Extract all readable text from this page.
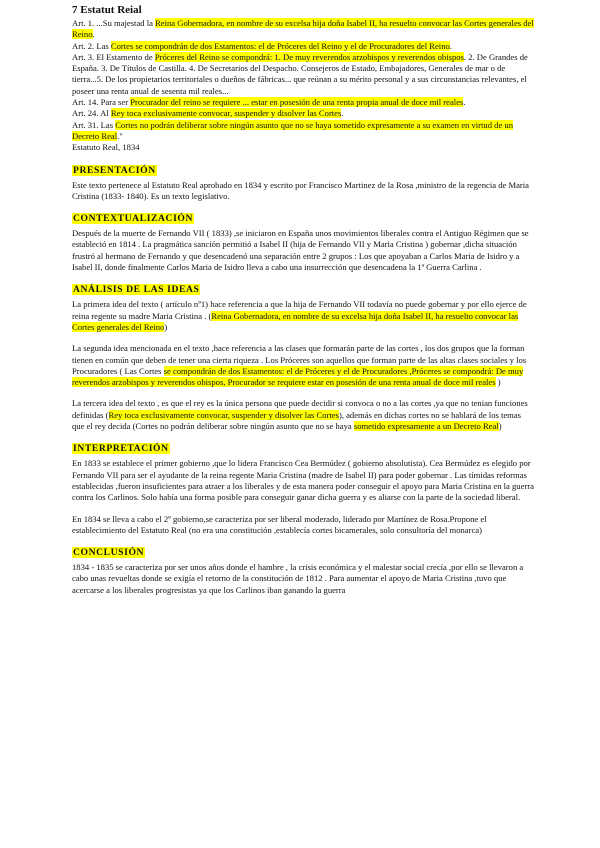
7 Estatut Reial
Art. 1. ...Su majestad la Reina Gobernadora, en nombre de su excelsa hija doña Isabel II, ha resuelto convocar las Cortes generales del Reino.
Art. 2. Las Cortes se compondrán de dos Estamentos: el de Próceres del Reino y el de Procuradores del Reino.
Art. 3. El Estamento de Próceres del Reino se compondrá: 1. De muy reverendos arzobispos y reverendos obispos. 2. De Grandes de España. 3. De Títulos de Castilla. 4. De Secretarios del Despacho. Consejeros de Estado, Embajadores, Generales de mar o de tierra...5. De los propietarios territoriales o dueños de fábricas... que reúnan a su mérito personal y a sus circunstancias relevantes, el poseer una renta anual de sesenta mil reales...
Art. 14. Para ser Procurador del reino se requiere ... estar en posesión de una renta propia anual de doce mil reales.
Art. 24. Al Rey toca exclusivamente convocar, suspender y disolver las Cortes.
Art. 31. Las Cortes no podrán deliberar sobre ningún asunto que no se haya sometido expresamente a su examen en virtud de un Decreto Real."
Estatuto Real, 1834
PRESENTACIÓN

Este texto pertenece al Estatuto Real aprobado en 1834 y escrito por Francisco Martinez de la Rosa ,ministro de la regencia de Maria Cristina (1833- 1840). Es un texto legislativo.

CONTEXTUALIZACIÓN

Después de la muerte de Fernando VII ( 1833) ,se iniciaron en España unos movimientos liberales contra el Antiguo Régimen que se estableció en 1814 . La pragmática sanción permitió a Isabel II (hija de Fernando VII y Maria Cristina ) gobernar ,dicha situación frustró al hermano de Fernando y que desencadenó una separación entre 2 grupos : Los que apoyaban a Carlos Maria de Isidro y a Isabel II, donde finalmente Carlos Maria de Isidro lleva a cabo una insurrección que desencadena la 1ª Guerra Carlina .

ANÁLISIS DE LAS IDEAS

La primera idea del texto ( artículo nº1) hace referencia a que la hija de Fernando VII todavía no puede gobernar y por ello ejerce de reina regente su madre Maria Cristina . (Reina Gobernadora, en nombre de su excelsa hija doña Isabel II, ha resuelto convocar las Cortes generales del Reino)

La segunda idea mencionada en el texto ,hace referencia a las clases que formarán parte de las cortes , los dos grupos que la forman tienen en común que deben de tener una cierta riqueza . Los Próceres son aquellos que forman parte de las altas clases sociales y los Procuradores ( Las Cortes se compondrán de dos Estamentos: el de Próceres y el de Procuradores ,Próceres se compondrá: De muy reverendos arzobispos y reverendos obispos, Procurador se requiere estar en posesión de una renta anual de doce mil reales )

La tercera idea del texto , es que el rey es la única persona que puede decidir si convoca o no a las cortes ,ya que no tenian funciones definidas (Rey toca exclusivamente convocar, suspender y disolver las Cortes), además en dichas cortes no se hablará de los temas que el rey decida (Cortes no podrán deliberar sobre ningún asunto que no se haya sometido expresamente a un Decreto Real)

INTERPRETACIÓN

En 1833 se establece el primer gobierno ,que lo lidera Francisco Cea Bermúdez ( gobierno absolutista). Cea Bermúdez es elegido por Fernando VII para ser el ayudante de la reina regente Maria Cristina (madre de Isabel II) para poder gobernar . Las tímidas reformas establecidas ,fueron insuficientes para atraer a los liberales y de esta manera poder conseguir el apoyo para Maria Cristina en la guerra contra los Carlinos. Solo había una forma posible para conseguir ganar dicha guerra y es aliarse con la parte de la sociedad liberal.

En 1834 se lleva a cabo el 2º gobierno,se caracteriza por ser liberal moderado, liderado por Martínez de Rosa.Propone el establecimiento del Estatuto Real (no era una constitución ,establecía cortes bicamerales, solo consultoría del monarca)

CONCLUSIÓN

1834 - 1835 se caracteriza por ser unos años donde el hambre , la crisis económica y el malestar social crecía ,por ello se llevaron a cabo unas revueltas donde se exigía el retorno de la constitución de 1812 . Para aumentar el apoyo de Maria Cristina ,tuvo que acercarse a los liberales progresistas ya que los Carlinos iban ganando la guerra
